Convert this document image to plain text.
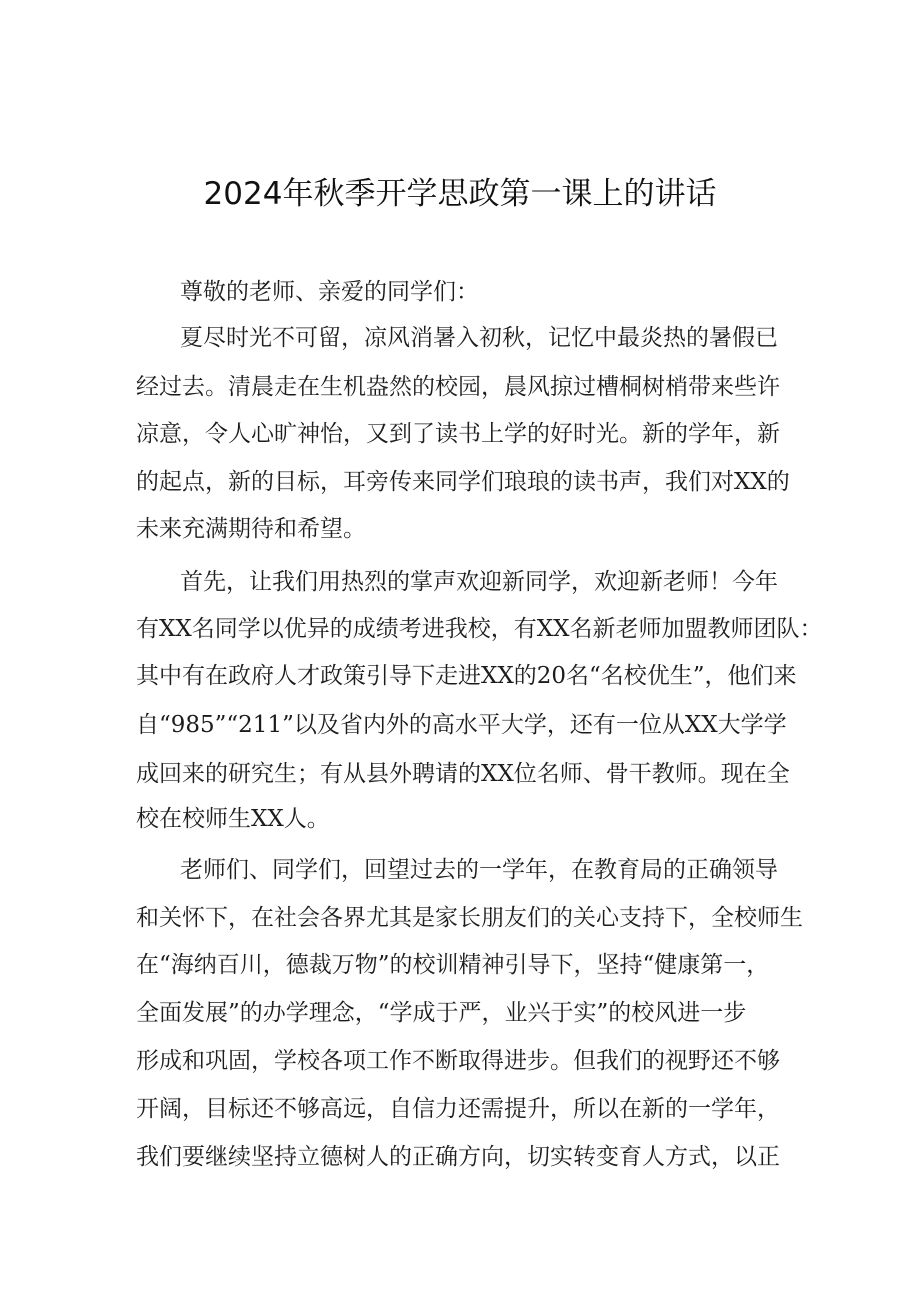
2024年秋季开学思政第一课上的讲话
尊敬的老师、亲爱的同学们：
夏尽时光不可留，凉风消暑入初秋，记忆中最炎热的暑假已
经过去。清晨走在生机盎然的校园，晨风掠过槽桐树梢带来些许
凉意，令人心旷神怡，又到了读书上学的好时光。新的学年，新
的起点，新的目标，耳旁传来同学们琅琅的读书声，我们对XX的
未来充满期待和希望。
首先，让我们用热烈的掌声欢迎新同学，欢迎新老师！今年
有XX名同学以优异的成绩考进我校，有XX名新老师加盟教师团队：
其中有在政府人才政策引导下走进XX的20名“名校优生”，他们来
自“985”“211”以及省内外的高水平大学，还有一位从XX大学学
成回来的研究生；有从县外聘请的XX位名师、骨干教师。现在全
校在校师生XX人。
老师们、同学们，回望过去的一学年，在教育局的正确领导
和关怀下，在社会各界尤其是家长朋友们的关心支持下，全校师生
在“海纳百川，德裁万物”的校训精神引导下，坚持“健康第一，
全面发展”的办学理念，“学成于严，业兴于实”的校风进一步
形成和巩固，学校各项工作不断取得进步。但我们的视野还不够
开阔，目标还不够高远，自信力还需提升，所以在新的一学年，
我们要继续坚持立德树人的正确方向，切实转变育人方式，以正
